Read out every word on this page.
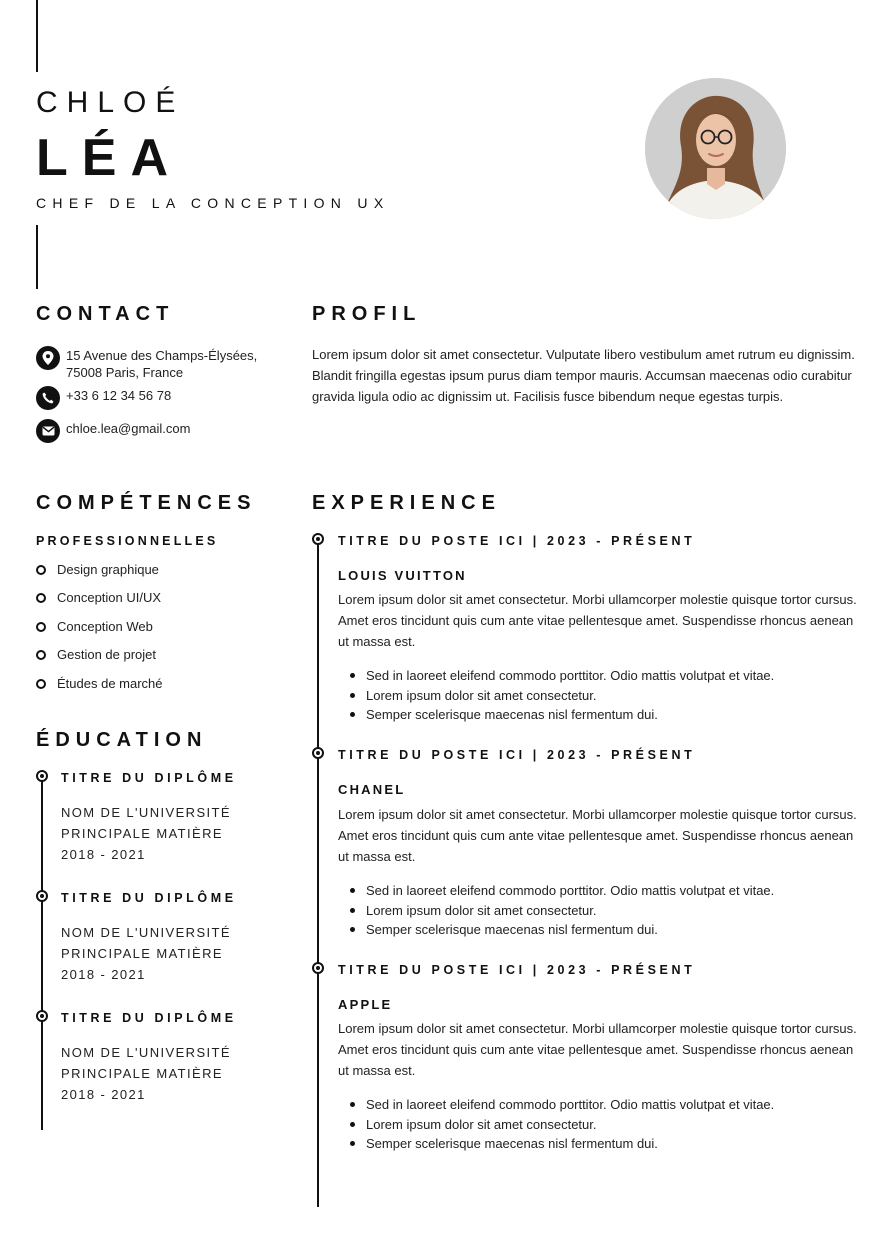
CHLOÉ
LÉA
CHEF DE LA CONCEPTION UX
CONTACT
15 Avenue des Champs-Élysées,
75008 Paris, France
+33 6 12 34 56 78
chloe.lea@gmail.com
PROFIL
Lorem ipsum dolor sit amet consectetur. Vulputate libero vestibulum amet rutrum eu dignissim. Blandit fringilla egestas ipsum purus diam tempor mauris. Accumsan maecenas odio curabitur gravida ligula odio ac dignissim ut. Facilisis fusce bibendum neque egestas turpis.
COMPÉTENCES
PROFESSIONNELLES
Design graphique
Conception UI/UX
Conception Web
Gestion de projet
Études de marché
ÉDUCATION
TITRE DU DIPLÔME
NOM DE L'UNIVERSITÉ
PRINCIPALE MATIÈRE
2018 - 2021
TITRE DU DIPLÔME
NOM DE L'UNIVERSITÉ
PRINCIPALE MATIÈRE
2018 - 2021
TITRE DU DIPLÔME
NOM DE L'UNIVERSITÉ
PRINCIPALE MATIÈRE
2018 - 2021
EXPERIENCE
TITRE DU POSTE ICI | 2023 - PRÉSENT
LOUIS VUITTON
Lorem ipsum dolor sit amet consectetur. Morbi ullamcorper molestie quisque tortor cursus. Amet eros tincidunt quis cum ante vitae pellentesque amet. Suspendisse rhoncus aenean ut massa est.
Sed in laoreet eleifend commodo porttitor. Odio mattis volutpat et vitae.
Lorem ipsum dolor sit amet consectetur.
Semper scelerisque maecenas nisl fermentum dui.
TITRE DU POSTE ICI | 2023 - PRÉSENT
CHANEL
Lorem ipsum dolor sit amet consectetur. Morbi ullamcorper molestie quisque tortor cursus. Amet eros tincidunt quis cum ante vitae pellentesque amet. Suspendisse rhoncus aenean ut massa est.
Sed in laoreet eleifend commodo porttitor. Odio mattis volutpat et vitae.
Lorem ipsum dolor sit amet consectetur.
Semper scelerisque maecenas nisl fermentum dui.
TITRE DU POSTE ICI | 2023 - PRÉSENT
APPLE
Lorem ipsum dolor sit amet consectetur. Morbi ullamcorper molestie quisque tortor cursus. Amet eros tincidunt quis cum ante vitae pellentesque amet. Suspendisse rhoncus aenean ut massa est.
Sed in laoreet eleifend commodo porttitor. Odio mattis volutpat et vitae.
Lorem ipsum dolor sit amet consectetur.
Semper scelerisque maecenas nisl fermentum dui.
